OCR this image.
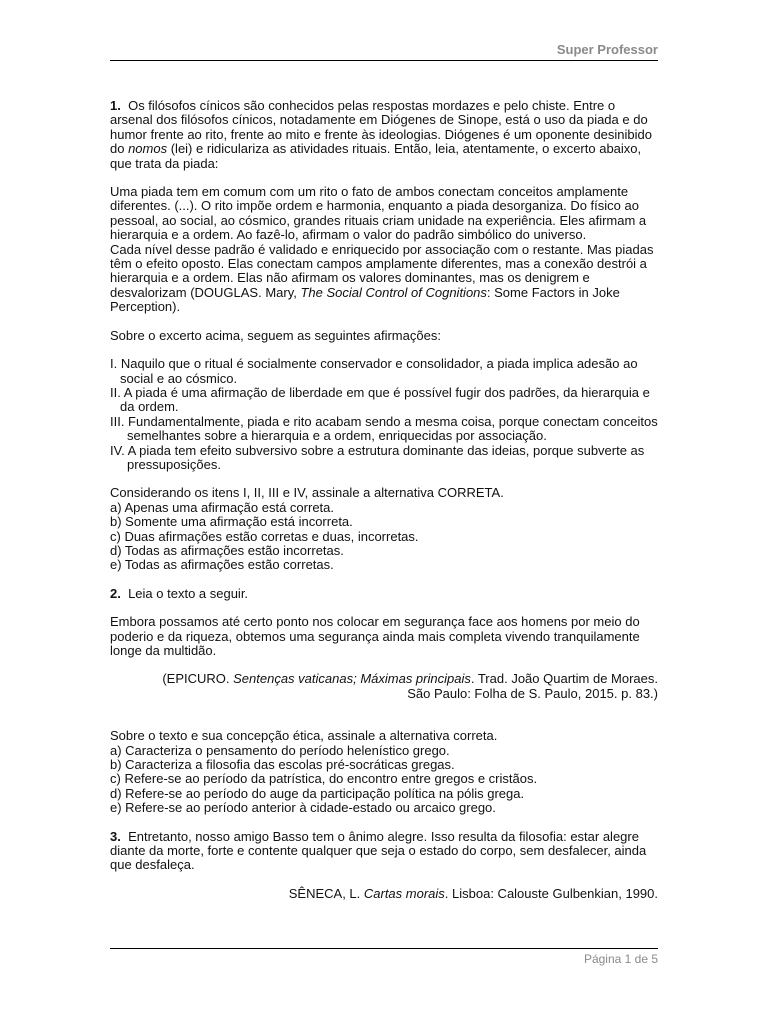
Super Professor

1. Os filósofos cínicos são conhecidos pelas respostas mordazes e pelo chiste. Entre o arsenal dos filósofos cínicos, notadamente em Diógenes de Sinope, está o uso da piada e do humor frente ao rito, frente ao mito e frente às ideologias. Diógenes é um oponente desinibido do nomos (lei) e ridiculariza as atividades rituais. Então, leia, atentamente, o excerto abaixo, que trata da piada:

Uma piada tem em comum com um rito o fato de ambos conectam conceitos amplamente diferentes. (...). O rito impõe ordem e harmonia, enquanto a piada desorganiza. Do físico ao pessoal, ao social, ao cósmico, grandes rituais criam unidade na experiência. Eles afirmam a hierarquia e a ordem. Ao fazê-lo, afirmam o valor do padrão simbólico do universo.

Cada nível desse padrão é validado e enriquecido por associação com o restante. Mas piadas têm o efeito oposto. Elas conectam campos amplamente diferentes, mas a conexão destrói a hierarquia e a ordem. Elas não afirmam os valores dominantes, mas os denigrem e desvalorizam (DOUGLAS. Mary, The Social Control of Cognitions: Some Factors in Joke Perception).

Sobre o excerto acima, seguem as seguintes afirmações:

I. Naquilo que o ritual é socialmente conservador e consolidador, a piada implica adesão ao social e ao cósmico.

II. A piada é uma afirmação de liberdade em que é possível fugir dos padrões, da hierarquia e da ordem.

III. Fundamentalmente, piada e rito acabam sendo a mesma coisa, porque conectam conceitos semelhantes sobre a hierarquia e a ordem, enriquecidas por associação.

IV. A piada tem efeito subversivo sobre a estrutura dominante das ideias, porque subverte as pressuposições.

Considerando os itens I, II, III e IV, assinale a alternativa CORRETA.

a) Apenas uma afirmação está correta.

b) Somente uma afirmação está incorreta.

c) Duas afirmações estão corretas e duas, incorretas.

d) Todas as afirmações estão incorretas.

e) Todas as afirmações estão corretas.

2. Leia o texto a seguir.

Embora possamos até certo ponto nos colocar em segurança face aos homens por meio do poderio e da riqueza, obtemos uma segurança ainda mais completa vivendo tranquilamente longe da multidão.

(EPICURO. Sentenças vaticanas; Máximas principais. Trad. João Quartim de Moraes. São Paulo: Folha de S. Paulo, 2015. p. 83.)

Sobre o texto e sua concepção ética, assinale a alternativa correta.

a) Caracteriza o pensamento do período helenístico grego.

b) Caracteriza a filosofia das escolas pré-socráticas gregas.

c) Refere-se ao período da patrística, do encontro entre gregos e cristãos.

d) Refere-se ao período do auge da participação política na pólis grega.

e) Refere-se ao período anterior à cidade-estado ou arcaico grego.

3. Entretanto, nosso amigo Basso tem o ânimo alegre. Isso resulta da filosofia: estar alegre diante da morte, forte e contente qualquer que seja o estado do corpo, sem desfalecer, ainda que desfaleça.

SÊNECA, L. Cartas morais. Lisboa: Calouste Gulbenkian, 1990.

Página 1 de 5
